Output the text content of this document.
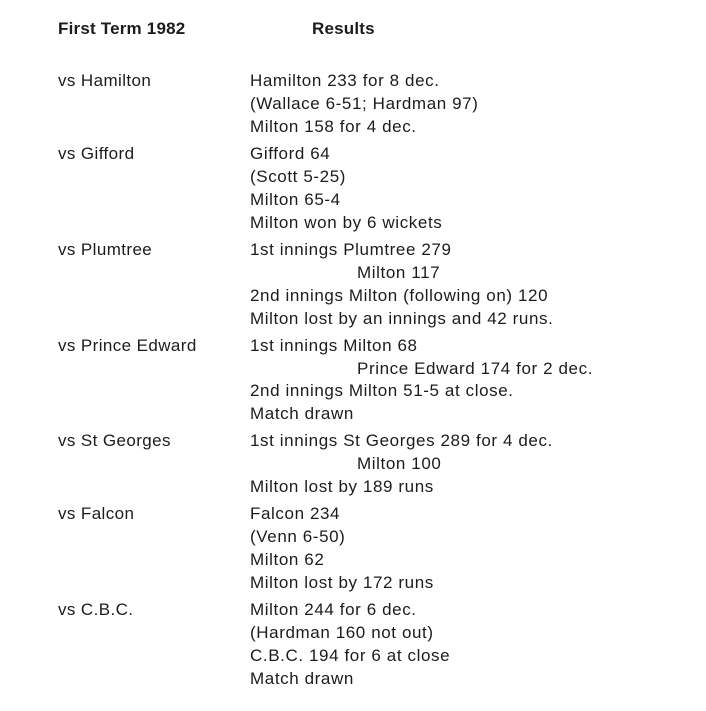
First Term 1982	Results
vs Hamilton	Hamilton 233 for 8 dec.
(Wallace 6-51; Hardman 97)
Milton 158 for 4 dec.
vs Gifford	Gifford 64
(Scott 5-25)
Milton 65-4
Milton won by 6 wickets
vs Plumtree	1st innings Plumtree 279
Milton 117
2nd innings Milton (following on) 120
Milton lost by an innings and 42 runs.
vs Prince Edward	1st innings Milton 68
Prince Edward 174 for 2 dec.
2nd innings Milton 51-5 at close.
Match drawn
vs St Georges	1st innings St Georges 289 for 4 dec.
Milton 100
Milton lost by 189 runs
vs Falcon	Falcon 234
(Venn 6-50)
Milton 62
Milton lost by 172 runs
vs C.B.C.	Milton 244 for 6 dec.
(Hardman 160 not out)
C.B.C. 194 for 6 at close
Match drawn
